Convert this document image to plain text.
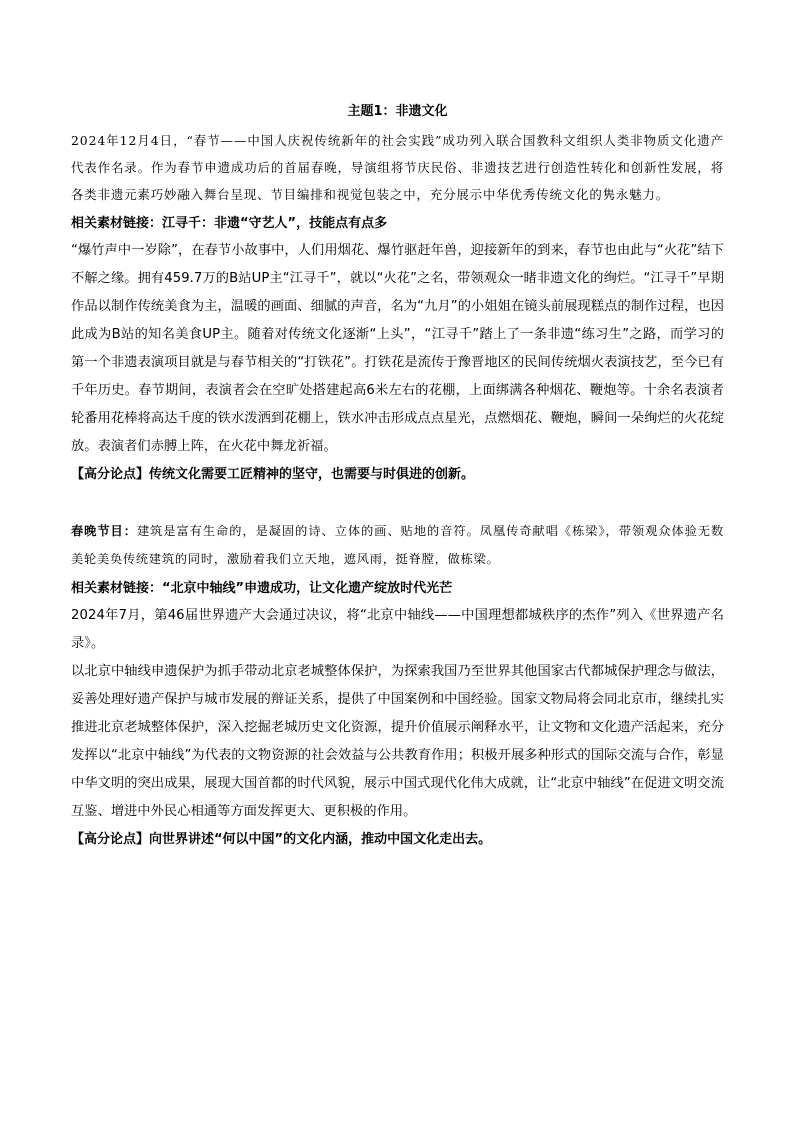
主题1：非遗文化

2024年12月4日，“春节——中国人庆祝传统新年的社会实践”成功列入联合国教科文组织人类非物质文化遗产代表作名录。作为春节申遗成功后的首届春晚，导演组将节庆民俗、非遗技艺进行创造性转化和创新性发展，将各类非遗元素巧妙融入舞台呈现、节目编排和视觉包装之中，充分展示中华优秀传统文化的隽永魅力。

相关素材链接：江寻千：非遗“守艺人”，技能点有点多

“爆竹声中一岁除”，在春节小故事中，人们用烟花、爆竹驱赶年兽，迎接新年的到来，春节也由此与“火花”结下不解之缘。拥有459.7万的B站UP主“江寻千”，就以“火花”之名，带领观众一睹非遗文化的绚烂。“江寻千”早期作品以制作传统美食为主，温暖的画面、细腻的声音，名为“九月”的小姐姐在镜头前展现糕点的制作过程，也因此成为B站的知名美食UP主。随着对传统文化逐渐“上头”，“江寻千”踏上了一条非遗“练习生”之路，而学习的第一个非遗表演项目就是与春节相关的“打铁花”。打铁花是流传于豫晋地区的民间传统烟火表演技艺，至今已有千年历史。春节期间，表演者会在空旷处搭建起高6米左右的花棚，上面绑满各种烟花、鞭炮等。十余名表演者轮番用花棒将高达千度的铁水泼洒到花棚上，铁水冲击形成点点星光，点燃烟花、鞭炮，瞬间一朵绚烂的火花绽放。表演者们赤膊上阵，在火花中舞龙祈福。

【高分论点】传统文化需要工匠精神的坚守，也需要与时俱进的创新。

春晚节目：建筑是富有生命的，是凝固的诗、立体的画、贴地的音符。凤凰传奇献唱《栋梁》，带领观众体验无数美轮美奂传统建筑的同时，激励着我们立天地，遮风雨，挺脊膛，做栋梁。

相关素材链接：“北京中轴线”申遗成功，让文化遗产绽放时代光芒

2024年7月，第46届世界遗产大会通过决议，将“北京中轴线——中国理想都城秩序的杰作”列入《世界遗产名录》。

以北京中轴线申遗保护为抓手带动北京老城整体保护，为探索我国乃至世界其他国家古代都城保护理念与做法，妥善处理好遗产保护与城市发展的辩证关系，提供了中国案例和中国经验。国家文物局将会同北京市，继续扎实推进北京老城整体保护，深入挖掘老城历史文化资源，提升价值展示阐释水平，让文物和文化遗产活起来，充分发挥以“北京中轴线”为代表的文物资源的社会效益与公共教育作用；积极开展多种形式的国际交流与合作，彰显中华文明的突出成果，展现大国首都的时代风貌，展示中国式现代化伟大成就，让“北京中轴线”在促进文明交流互鉴、增进中外民心相通等方面发挥更大、更积极的作用。

【高分论点】向世界讲述“何以中国”的文化内涵，推动中国文化走出去。
